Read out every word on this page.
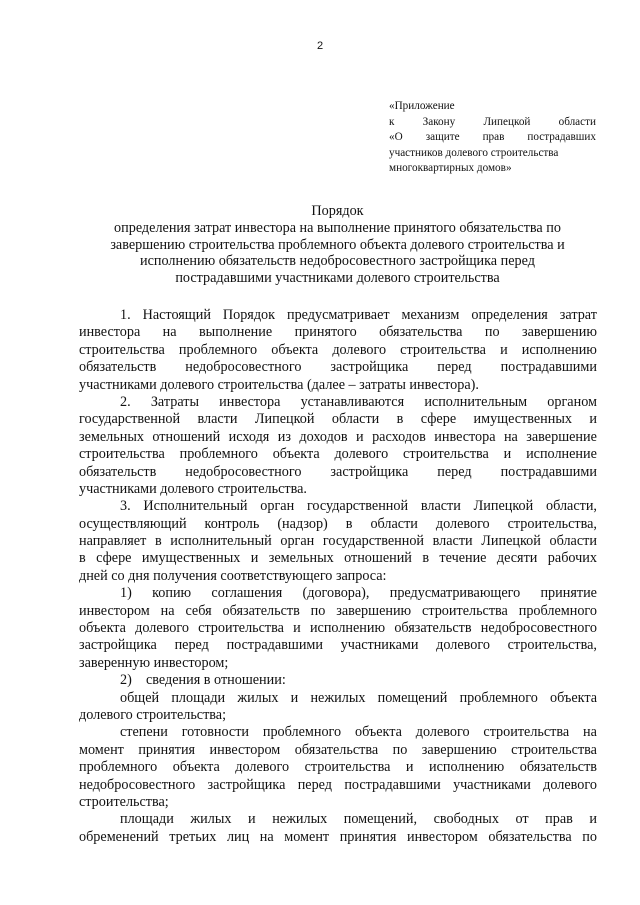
2
«Приложение
к	Закону	Липецкой	области
«О защите прав пострадавших
участников долевого строительства
многоквартирных домов»
Порядок
определения затрат инвестора на выполнение принятого обязательства по
завершению строительства проблемного объекта долевого строительства и
исполнению обязательств недобросовестного застройщика перед
пострадавшими участниками долевого строительства
1. Настоящий Порядок предусматривает механизм определения затрат
инвестора на выполнение принятого обязательства по завершению
строительства проблемного объекта долевого строительства и исполнению
обязательств недобросовестного застройщика перед пострадавшими
участниками долевого строительства (далее – затраты инвестора).
2. Затраты инвестора устанавливаются исполнительным органом
государственной власти Липецкой области в сфере имущественных и
земельных отношений исходя из доходов и расходов инвестора на завершение
строительства проблемного объекта долевого строительства и исполнение
обязательств недобросовестного застройщика перед пострадавшими
участниками долевого строительства.
3. Исполнительный орган государственной власти Липецкой области,
осуществляющий контроль (надзор) в области долевого строительства,
направляет в исполнительный орган государственной власти Липецкой области
в сфере имущественных и земельных отношений в течение десяти рабочих
дней со дня получения соответствующего запроса:
1) копию соглашения (договора), предусматривающего принятие
инвестором на себя обязательств по завершению строительства проблемного
объекта долевого строительства и исполнению обязательств недобросовестного
застройщика перед пострадавшими участниками долевого строительства,
заверенную инвестором;
2) сведения в отношении:
общей площади жилых и нежилых помещений проблемного объекта
долевого строительства;
степени готовности проблемного объекта долевого строительства на
момент принятия инвестором обязательства по завершению строительства
проблемного объекта долевого строительства и исполнению обязательств
недобросовестного застройщика перед пострадавшими участниками долевого
строительства;
площади жилых и нежилых помещений, свободных от прав и
обременений третьих лиц на момент принятия инвестором обязательства по
